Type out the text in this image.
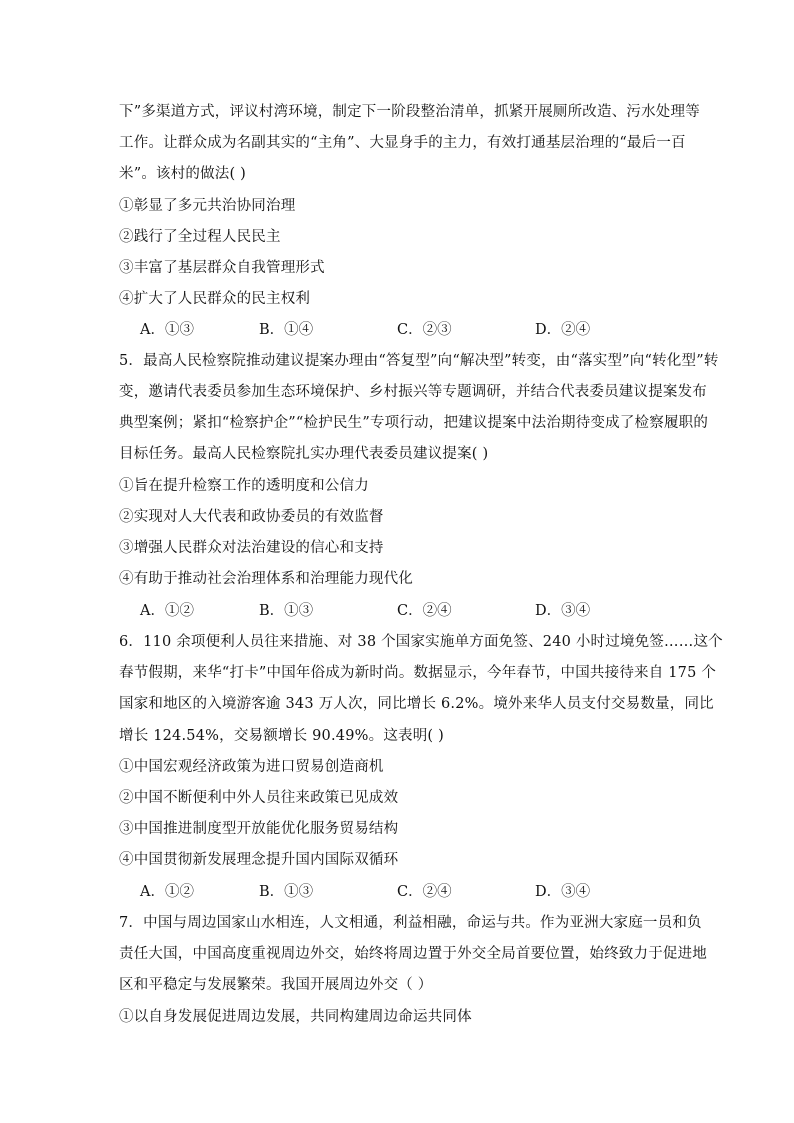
下”多渠道方式，评议村湾环境，制定下一阶段整治清单，抓紧开展厕所改造、污水处理等
工作。让群众成为名副其实的“主角”、大显身手的主力，有效打通基层治理的“最后一百
米”。该村的做法( )
①彰显了多元共治协同治理
②践行了全过程人民民主
③丰富了基层群众自我管理形式
④扩大了人民群众的民主权利
A．①③	B．①④	C．②③	D．②④
5．最高人民检察院推动建议提案办理由“答复型”向“解决型”转变，由“落实型”向“转化型”转
变，邀请代表委员参加生态环境保护、乡村振兴等专题调研，并结合代表委员建议提案发布
典型案例；紧扣“检察护企”“检护民生”专项行动，把建议提案中法治期待变成了检察履职的
目标任务。最高人民检察院扎实办理代表委员建议提案( )
①旨在提升检察工作的透明度和公信力
②实现对人大代表和政协委员的有效监督
③增强人民群众对法治建设的信心和支持
④有助于推动社会治理体系和治理能力现代化
A．①②	B．①③	C．②④	D．③④
6．110 余项便利人员往来措施、对 38 个国家实施单方面免签、240 小时过境免签……这个
春节假期，来华“打卡”中国年俗成为新时尚。数据显示，今年春节，中国共接待来自 175 个
国家和地区的入境游客逾 343 万人次，同比增长 6.2%。境外来华人员支付交易数量，同比
增长 124.54%，交易额增长 90.49%。这表明( )
①中国宏观经济政策为进口贸易创造商机
②中国不断便利中外人员往来政策已见成效
③中国推进制度型开放能优化服务贸易结构
④中国贯彻新发展理念提升国内国际双循环
A．①②	B．①③	C．②④	D．③④
7．中国与周边国家山水相连，人文相通，利益相融，命运与共。作为亚洲大家庭一员和负
责任大国，中国高度重视周边外交，始终将周边置于外交全局首要位置，始终致力于促进地
区和平稳定与发展繁荣。我国开展周边外交（ ）
①以自身发展促进周边发展，共同构建周边命运共同体
